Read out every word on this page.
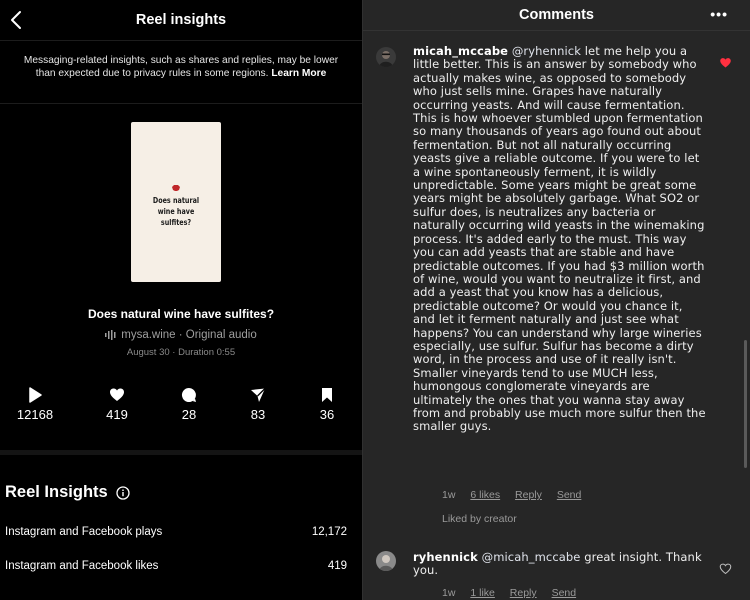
Reel insights
Messaging-related insights, such as shares and replies, may be lower than expected due to privacy rules in some regions. Learn More
Does natural wine have sulfites?
Does natural wine have sulfites?
mysa.wine · Original audio
August 30 · Duration 0:55
12168	419	28	83	36
Reel Insights
Instagram and Facebook plays	12,172
Instagram and Facebook likes	419
Comments	•••
micah_mccabe @ryhennick let me help you a little better. This is an answer by somebody who actually makes wine, as opposed to somebody who just sells mine. Grapes have naturally occurring yeasts. And will cause fermentation. This is how whoever stumbled upon fermentation so many thousands of years ago found out about fermentation. But not all naturally occurring yeasts give a reliable outcome. If you were to let a wine spontaneously ferment, it is wildly unpredictable. Some years might be great some years might be absolutely garbage. What SO2 or sulfur does, is neutralizes any bacteria or naturally occurring wild yeasts in the winemaking process. It's added early to the must. This way you can add yeasts that are stable and have predictable outcomes. If you had $3 million worth of wine, would you want to neutralize it first, and add a yeast that you know has a delicious, predictable outcome? Or would you chance it, and let it ferment naturally and just see what happens? You can understand why large wineries especially, use sulfur. Sulfur has become a dirty word, in the process and use of it really isn't. Smaller vineyards tend to use MUCH less, humongous conglomerate vineyards are ultimately the ones that you wanna stay away from and probably use much more sulfur then the smaller guys.
1w 6 likes Reply Send
Liked by creator
ryhennick @micah_mccabe great insight. Thank you.
1w 1 like Reply Send
